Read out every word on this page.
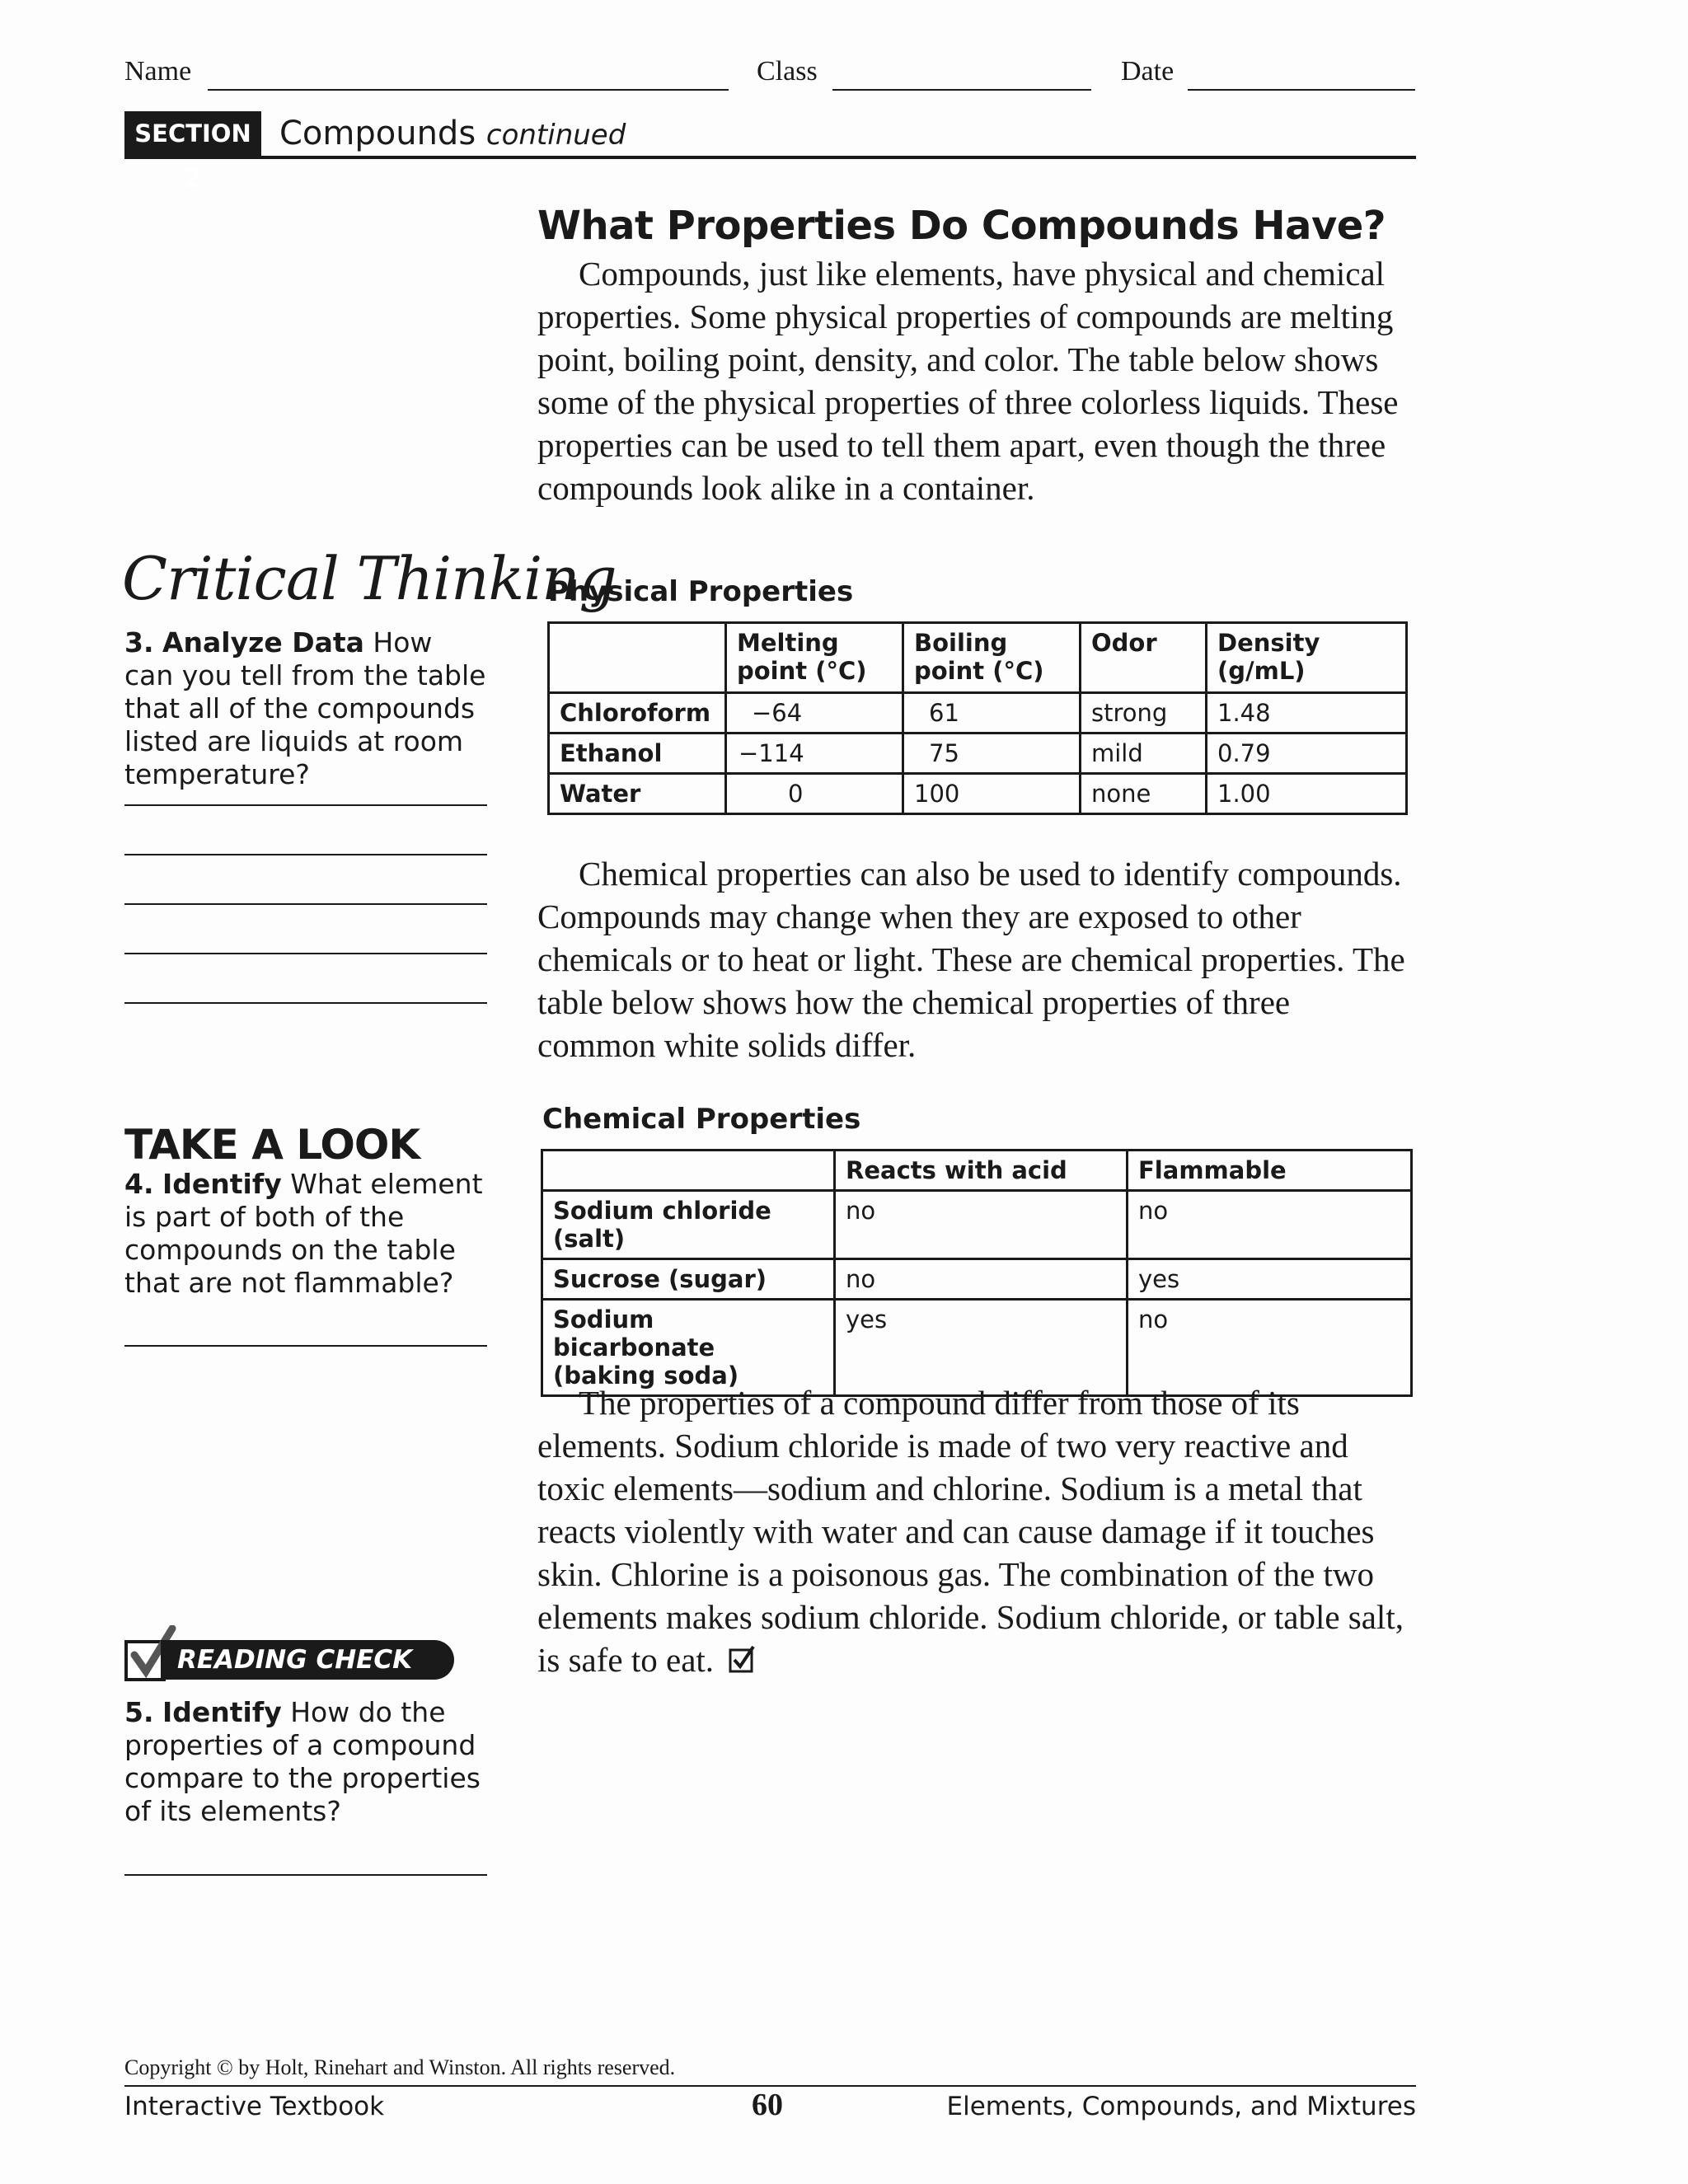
Name	Class	Date
SECTION 2
Compounds continued
What Properties Do Compounds Have?

Compounds, just like elements, have physical and chemical properties. Some physical properties of compounds are melting point, boiling point, density, and color. The table below shows some of the physical properties of three colorless liquids. These properties can be used to tell them apart, even though the three compounds look alike in a container.

Physical Properties
	Melting point (°C)	Boiling point (°C)	Odor	Density (g/mL)
Chloroform	−64	61	strong	1.48
Ethanol	−114	75	mild	0.79
Water	0	100	none	1.00

Chemical properties can also be used to identify compounds. Compounds may change when they are exposed to other chemicals or to heat or light. These are chemical properties. The table below shows how the chemical properties of three common white solids differ.

Chemical Properties
	Reacts with acid	Flammable
Sodium chloride (salt)	no	no
Sucrose (sugar)	no	yes
Sodium bicarbonate (baking soda)	yes	no

The properties of a compound differ from those of its elements. Sodium chloride is made of two very reactive and toxic elements—sodium and chlorine. Sodium is a metal that reacts violently with water and can cause damage if it touches skin. Chlorine is a poisonous gas. The combination of the two elements makes sodium chloride. Sodium chloride, or table salt, is safe to eat.

Critical Thinking
3. Analyze Data How can you tell from the table that all of the compounds listed are liquids at room temperature?
TAKE A LOOK
4. Identify What element is part of both of the compounds on the table that are not flammable?
READING CHECK
5. Identify How do the properties of a compound compare to the properties of its elements?
Copyright © by Holt, Rinehart and Winston. All rights reserved.
Interactive Textbook	60	Elements, Compounds, and Mixtures
